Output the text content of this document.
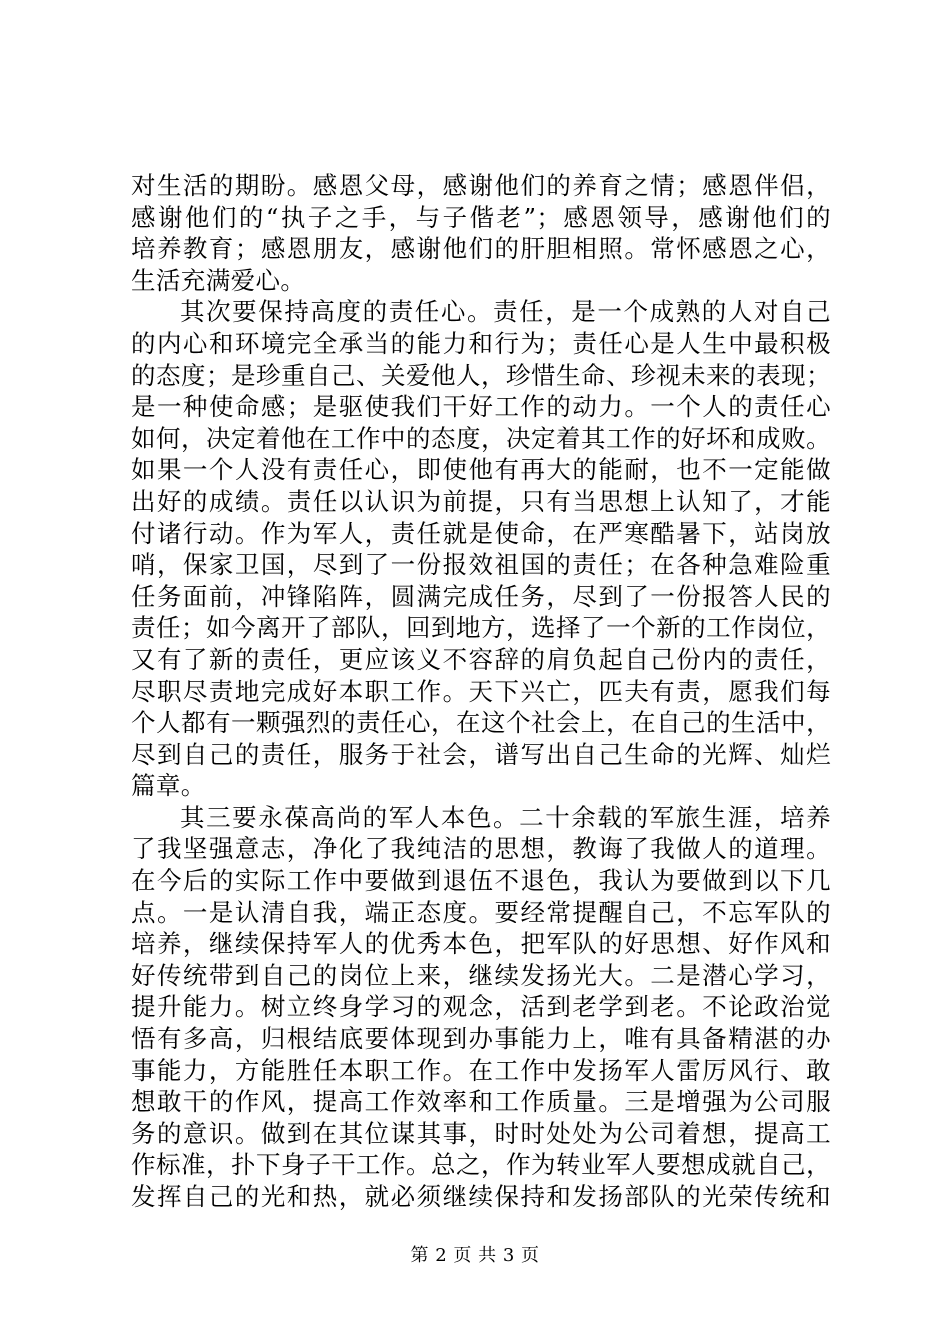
对生活的期盼。感恩父母，感谢他们的养育之情；感恩伴侣，
感谢他们的“执子之手，与子偕老”；感恩领导，感谢他们的
培养教育；感恩朋友，感谢他们的肝胆相照。常怀感恩之心，
生活充满爱心。
其次要保持高度的责任心。责任，是一个成熟的人对自己
的内心和环境完全承当的能力和行为；责任心是人生中最积极
的态度；是珍重自己、关爱他人，珍惜生命、珍视未来的表现；
是一种使命感；是驱使我们干好工作的动力。一个人的责任心
如何，决定着他在工作中的态度，决定着其工作的好坏和成败。
如果一个人没有责任心，即使他有再大的能耐，也不一定能做
出好的成绩。责任以认识为前提，只有当思想上认知了，才能
付诸行动。作为军人，责任就是使命，在严寒酷暑下，站岗放
哨，保家卫国，尽到了一份报效祖国的责任；在各种急难险重
任务面前，冲锋陷阵，圆满完成任务，尽到了一份报答人民的
责任；如今离开了部队，回到地方，选择了一个新的工作岗位，
又有了新的责任，更应该义不容辞的肩负起自己份内的责任，
尽职尽责地完成好本职工作。天下兴亡，匹夫有责，愿我们每
个人都有一颗强烈的责任心，在这个社会上，在自己的生活中，
尽到自己的责任，服务于社会，谱写出自己生命的光辉、灿烂
篇章。
其三要永葆高尚的军人本色。二十余载的军旅生涯，培养
了我坚强意志，净化了我纯洁的思想，教诲了我做人的道理。
在今后的实际工作中要做到退伍不退色，我认为要做到以下几
点。一是认清自我，端正态度。要经常提醒自己，不忘军队的
培养，继续保持军人的优秀本色，把军队的好思想、好作风和
好传统带到自己的岗位上来，继续发扬光大。二是潜心学习，
提升能力。树立终身学习的观念，活到老学到老。不论政治觉
悟有多高，归根结底要体现到办事能力上，唯有具备精湛的办
事能力，方能胜任本职工作。在工作中发扬军人雷厉风行、敢
想敢干的作风，提高工作效率和工作质量。三是增强为公司服
务的意识。做到在其位谋其事，时时处处为公司着想，提高工
作标准，扑下身子干工作。总之，作为转业军人要想成就自己，
发挥自己的光和热，就必须继续保持和发扬部队的光荣传统和
第 2 页 共 3 页
